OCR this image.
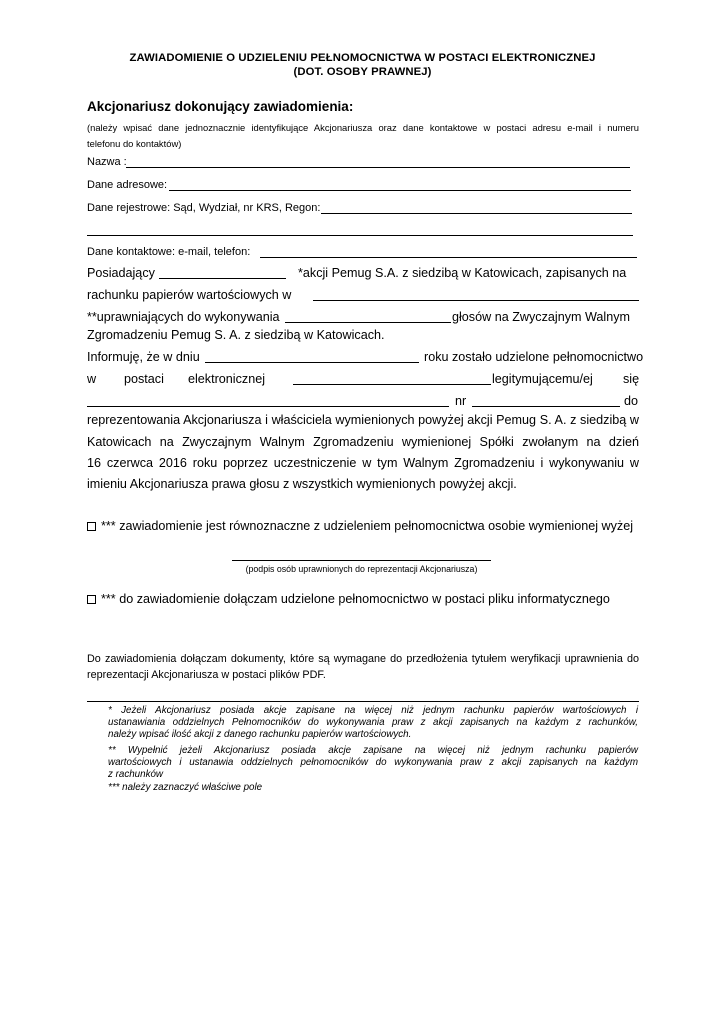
ZAWIADOMIENIE O UDZIELENIU PEŁNOMOCNICTWA W POSTACI ELEKTRONICZNEJ
(DOT. OSOBY PRAWNEJ)
Akcjonariusz dokonujący zawiadomienia:
(należy wpisać dane jednoznacznie identyfikujące Akcjonariusza oraz dane kontaktowe w postaci adresu e-mail i numeru
telefonu do kontaktów)
Nazwa :
Dane adresowe:
Dane rejestrowe: Sąd, Wydział, nr KRS, Regon:
Dane kontaktowe: e-mail, telefon:
Posiadający	*akcji Pemug S.A. z siedzibą w Katowicach, zapisanych na
rachunku papierów wartościowych w
**uprawniających do wykonywania	głosów na Zwyczajnym Walnym
Zgromadzeniu Pemug S. A. z siedzibą w Katowicach.
Informuję, że w dniu	roku zostało udzielone pełnomocnictwo
w postaci elektronicznej	legitymującemu/ej się
nr	do
reprezentowania Akcjonariusza i właściciela wymienionych powyżej akcji Pemug S. A. z siedzibą w
Katowicach na Zwyczajnym Walnym Zgromadzeniu wymienionej Spółki zwołanym na dzień
16 czerwca 2016 roku poprzez uczestniczenie w tym Walnym Zgromadzeniu i wykonywaniu w
imieniu Akcjonariusza prawa głosu z wszystkich wymienionych powyżej akcji.
*** zawiadomienie jest równoznaczne z udzieleniem pełnomocnictwa osobie wymienionej wyżej
(podpis osób uprawnionych do reprezentacji Akcjonariusza)
*** do zawiadomienie dołączam udzielone pełnomocnictwo w postaci pliku informatycznego
Do zawiadomienia dołączam dokumenty, które są wymagane do przedłożenia tytułem weryfikacji uprawnienia do
reprezentacji Akcjonariusza w postaci plików PDF.
* Jeżeli Akcjonariusz posiada akcje zapisane na więcej niż jednym rachunku papierów wartościowych i
ustanawiania oddzielnych Pełnomocników do wykonywania praw z akcji zapisanych na każdym z rachunków,
należy wpisać ilość akcji z danego rachunku papierów wartościowych.
** Wypełnić jeżeli Akcjonariusz posiada akcje zapisane na więcej niż jednym rachunku papierów
wartościowych i ustanawia oddzielnych pełnomocników do wykonywania praw z akcji zapisanych na każdym
z rachunków
*** należy zaznaczyć właściwe pole
